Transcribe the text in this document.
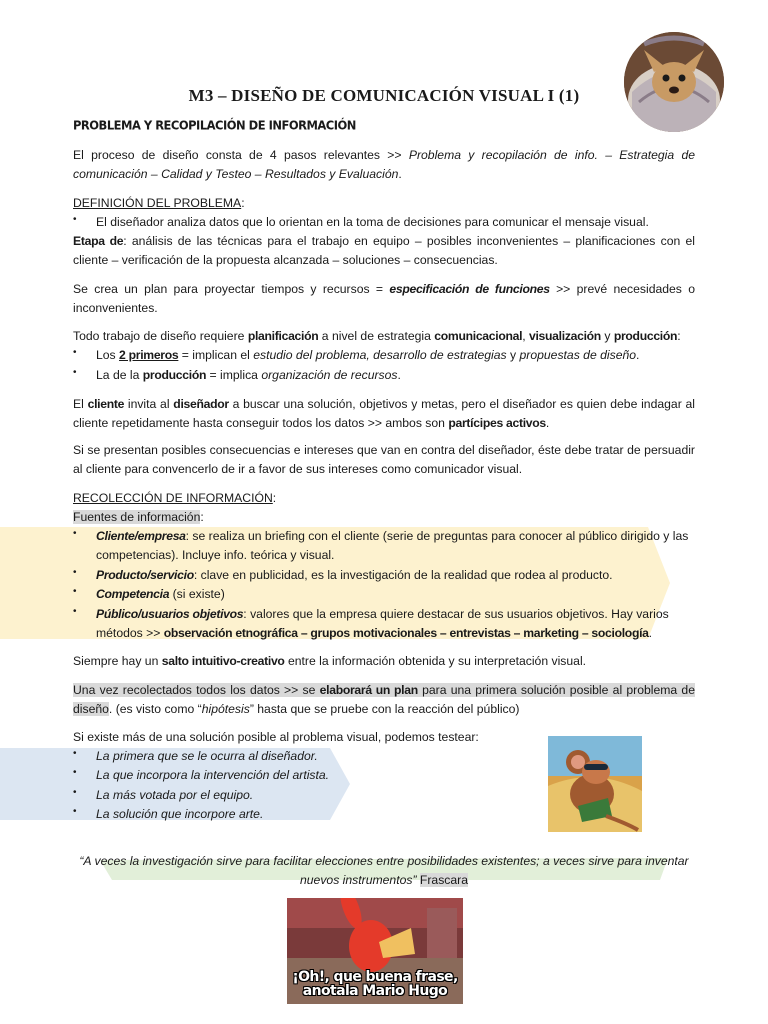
M3 – DISEÑO DE COMUNICACIÓN VISUAL I (1)
PROBLEMA Y RECOPILACIÓN DE INFORMACIÓN
El proceso de diseño consta de 4 pasos relevantes >> Problema y recopilación de info. – Estrategia de comunicación – Calidad y Testeo – Resultados y Evaluación.
DEFINICIÓN DEL PROBLEMA:
• El diseñador analiza datos que lo orientan en la toma de decisiones para comunicar el mensaje visual.
Etapa de: análisis de las técnicas para el trabajo en equipo – posibles inconvenientes – planificaciones con el cliente – verificación de la propuesta alcanzada – soluciones – consecuencias.
Se crea un plan para proyectar tiempos y recursos = especificación de funciones >> prevé necesidades o inconvenientes.
Todo trabajo de diseño requiere planificación a nivel de estrategia comunicacional, visualización y producción:
• Los 2 primeros = implican el estudio del problema, desarrollo de estrategias y propuestas de diseño.
• La de la producción = implica organización de recursos.
El cliente invita al diseñador a buscar una solución, objetivos y metas, pero el diseñador es quien debe indagar al cliente repetidamente hasta conseguir todos los datos >> ambos son partícipes activos.
Si se presentan posibles consecuencias e intereses que van en contra del diseñador, éste debe tratar de persuadir al cliente para convencerlo de ir a favor de sus intereses como comunicador visual.
RECOLECCIÓN DE INFORMACIÓN:
Fuentes de información:
• Cliente/empresa: se realiza un briefing con el cliente (serie de preguntas para conocer al público dirigido y las competencias). Incluye info. teórica y visual.
• Producto/servicio: clave en publicidad, es la investigación de la realidad que rodea al producto.
• Competencia (si existe)
• Público/usuarios objetivos: valores que la empresa quiere destacar de sus usuarios objetivos. Hay varios métodos >> observación etnográfica – grupos motivacionales – entrevistas – marketing – sociología.
Siempre hay un salto intuitivo-creativo entre la información obtenida y su interpretación visual.
Una vez recolectados todos los datos >> se elaborará un plan para una primera solución posible al problema de diseño. (es visto como “hipótesis” hasta que se pruebe con la reacción del público)
Si existe más de una solución posible al problema visual, podemos testear:
• La primera que se le ocurra al diseñador.
• La que incorpora la intervención del artista.
• La más votada por el equipo.
• La solución que incorpore arte.
“A veces la investigación sirve para facilitar elecciones entre posibilidades existentes; a veces sirve para inventar nuevos instrumentos” Frascara
¡Oh!, que buena frase,
anotala Mario Hugo
